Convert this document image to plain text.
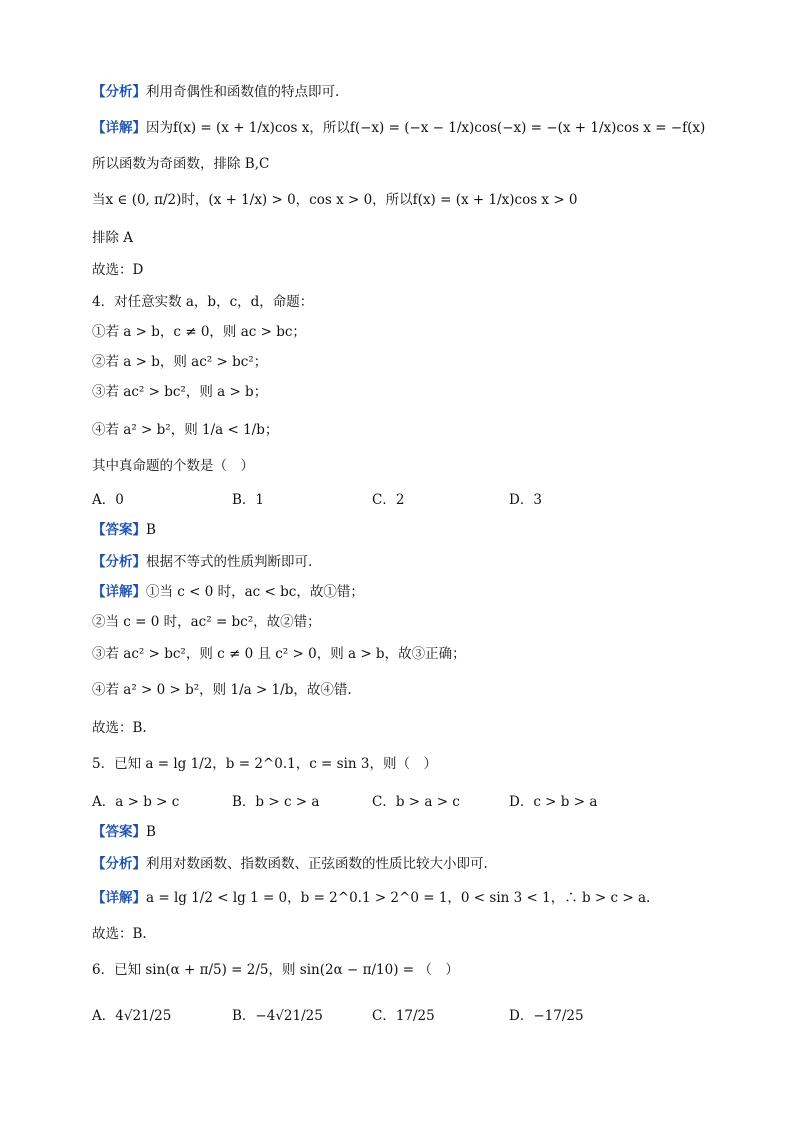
【分析】利用奇偶性和函数值的特点即可.
【详解】因为f(x) = (x + 1/x)cos x，所以f(−x) = (−x − 1/x)cos(−x) = −(x + 1/x)cos x = −f(x)
所以函数为奇函数，排除 B,C
当x ∈ (0, π/2)时，(x + 1/x) > 0，cos x > 0，所以f(x) = (x + 1/x)cos x > 0
排除 A
故选：D
4．对任意实数 a，b，c，d，命题：
①若 a > b，c ≠ 0，则 ac > bc；
②若 a > b，则 ac² > bc²；
③若 ac² > bc²，则 a > b；
④若 a² > b²，则 1/a < 1/b；
其中真命题的个数是（　）
A．0	B．1	C．2	D．3
【答案】B
【分析】根据不等式的性质判断即可.
【详解】①当 c < 0 时，ac < bc，故①错；
②当 c = 0 时，ac² = bc²，故②错；
③若 ac² > bc²，则 c ≠ 0 且 c² > 0，则 a > b，故③正确；
④若 a² > 0 > b²，则 1/a > 1/b，故④错.
故选：B.
5．已知 a = lg 1/2，b = 2^0.1，c = sin 3，则（　）
A．a > b > c	B．b > c > a	C．b > a > c	D．c > b > a
【答案】B
【分析】利用对数函数、指数函数、正弦函数的性质比较大小即可.
【详解】a = lg 1/2 < lg 1 = 0，b = 2^0.1 > 2^0 = 1，0 < sin 3 < 1，∴ b > c > a.
故选：B.
6．已知 sin(α + π/5) = 2/5，则 sin(2α − π/10) = （　）
A．4√21/25	B．−4√21/25	C．17/25	D．−17/25
